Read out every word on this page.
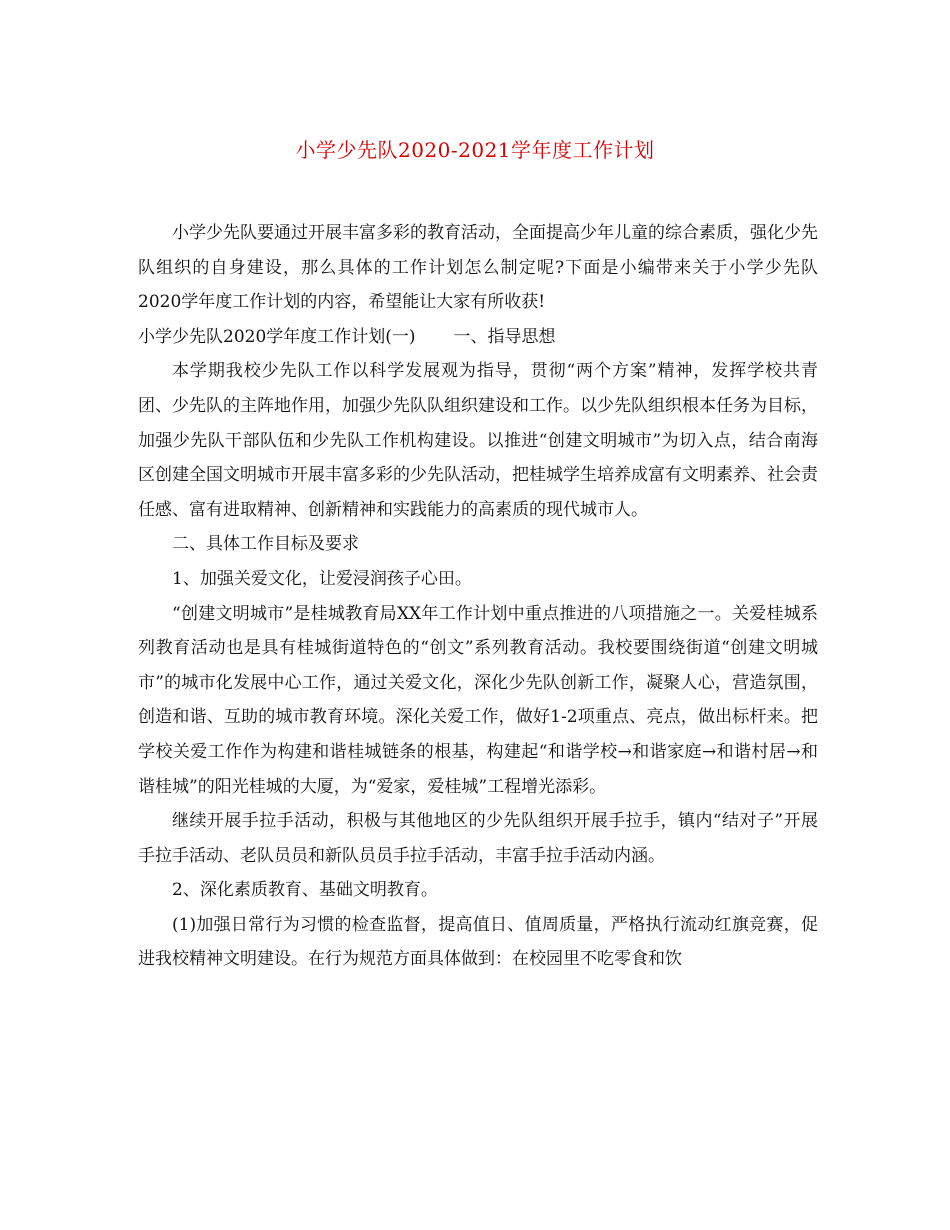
小学少先队2020-2021学年度工作计划

小学少先队要通过开展丰富多彩的教育活动，全面提高少年儿童的综合素质，强化少先队组织的自身建设，那么具体的工作计划怎么制定呢?下面是小编带来关于小学少先队2020学年度工作计划的内容，希望能让大家有所收获!

小学少先队2020学年度工作计划(一) 一、指导思想

本学期我校少先队工作以科学发展观为指导，贯彻“两个方案”精神，发挥学校共青团、少先队的主阵地作用，加强少先队队组织建设和工作。以少先队组织根本任务为目标，加强少先队干部队伍和少先队工作机构建设。以推进“创建文明城市”为切入点，结合南海区创建全国文明城市开展丰富多彩的少先队活动，把桂城学生培养成富有文明素养、社会责任感、富有进取精神、创新精神和实践能力的高素质的现代城市人。

二、具体工作目标及要求

1、加强关爱文化，让爱浸润孩子心田。

“创建文明城市”是桂城教育局XX年工作计划中重点推进的八项措施之一。关爱桂城系列教育活动也是具有桂城街道特色的“创文”系列教育活动。我校要围绕街道“创建文明城市”的城市化发展中心工作，通过关爱文化，深化少先队创新工作，凝聚人心，营造氛围，创造和谐、互助的城市教育环境。深化关爱工作，做好1-2项重点、亮点，做出标杆来。把学校关爱工作作为构建和谐桂城链条的根基，构建起“和谐学校→和谐家庭→和谐村居→和谐桂城”的阳光桂城的大厦，为“爱家，爱桂城”工程增光添彩。

继续开展手拉手活动，积极与其他地区的少先队组织开展手拉手，镇内“结对子”开展手拉手活动、老队员员和新队员员手拉手活动，丰富手拉手活动内涵。

2、深化素质教育、基础文明教育。

(1)加强日常行为习惯的检查监督，提高值日、值周质量，严格执行流动红旗竞赛，促进我校精神文明建设。在行为规范方面具体做到：在校园里不吃零食和饮
